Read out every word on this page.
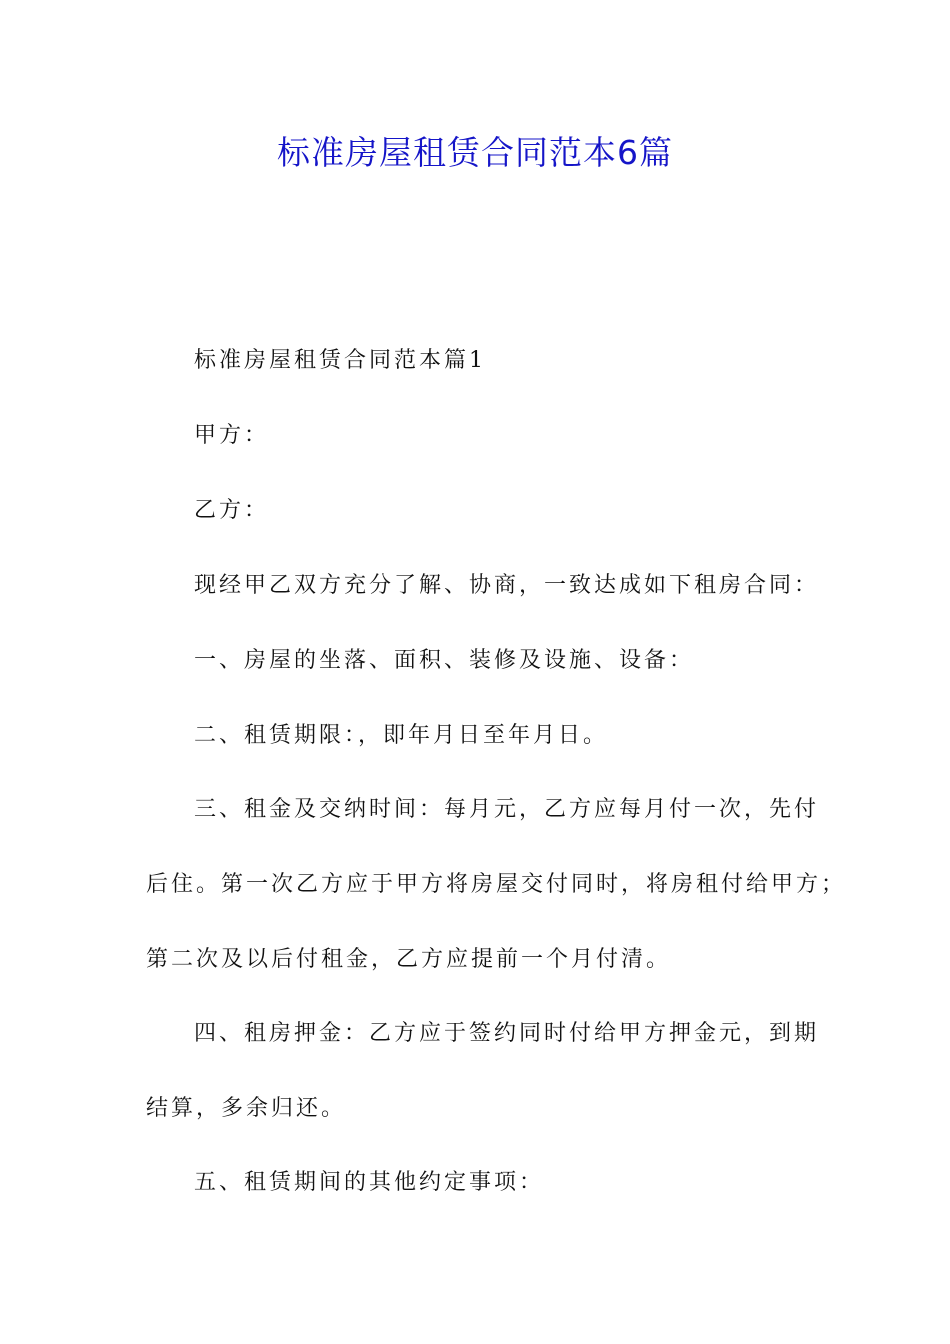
标准房屋租赁合同范本6篇
标准房屋租赁合同范本篇1
甲方：
乙方：
现经甲乙双方充分了解、协商，一致达成如下租房合同：
一、房屋的坐落、面积、装修及设施、设备：
二、租赁期限：，即年月日至年月日。
三、租金及交纳时间：每月元，乙方应每月付一次，先付
后住。第一次乙方应于甲方将房屋交付同时，将房租付给甲方；
第二次及以后付租金，乙方应提前一个月付清。
四、租房押金：乙方应于签约同时付给甲方押金元，到期
结算，多余归还。
五、租赁期间的其他约定事项：
